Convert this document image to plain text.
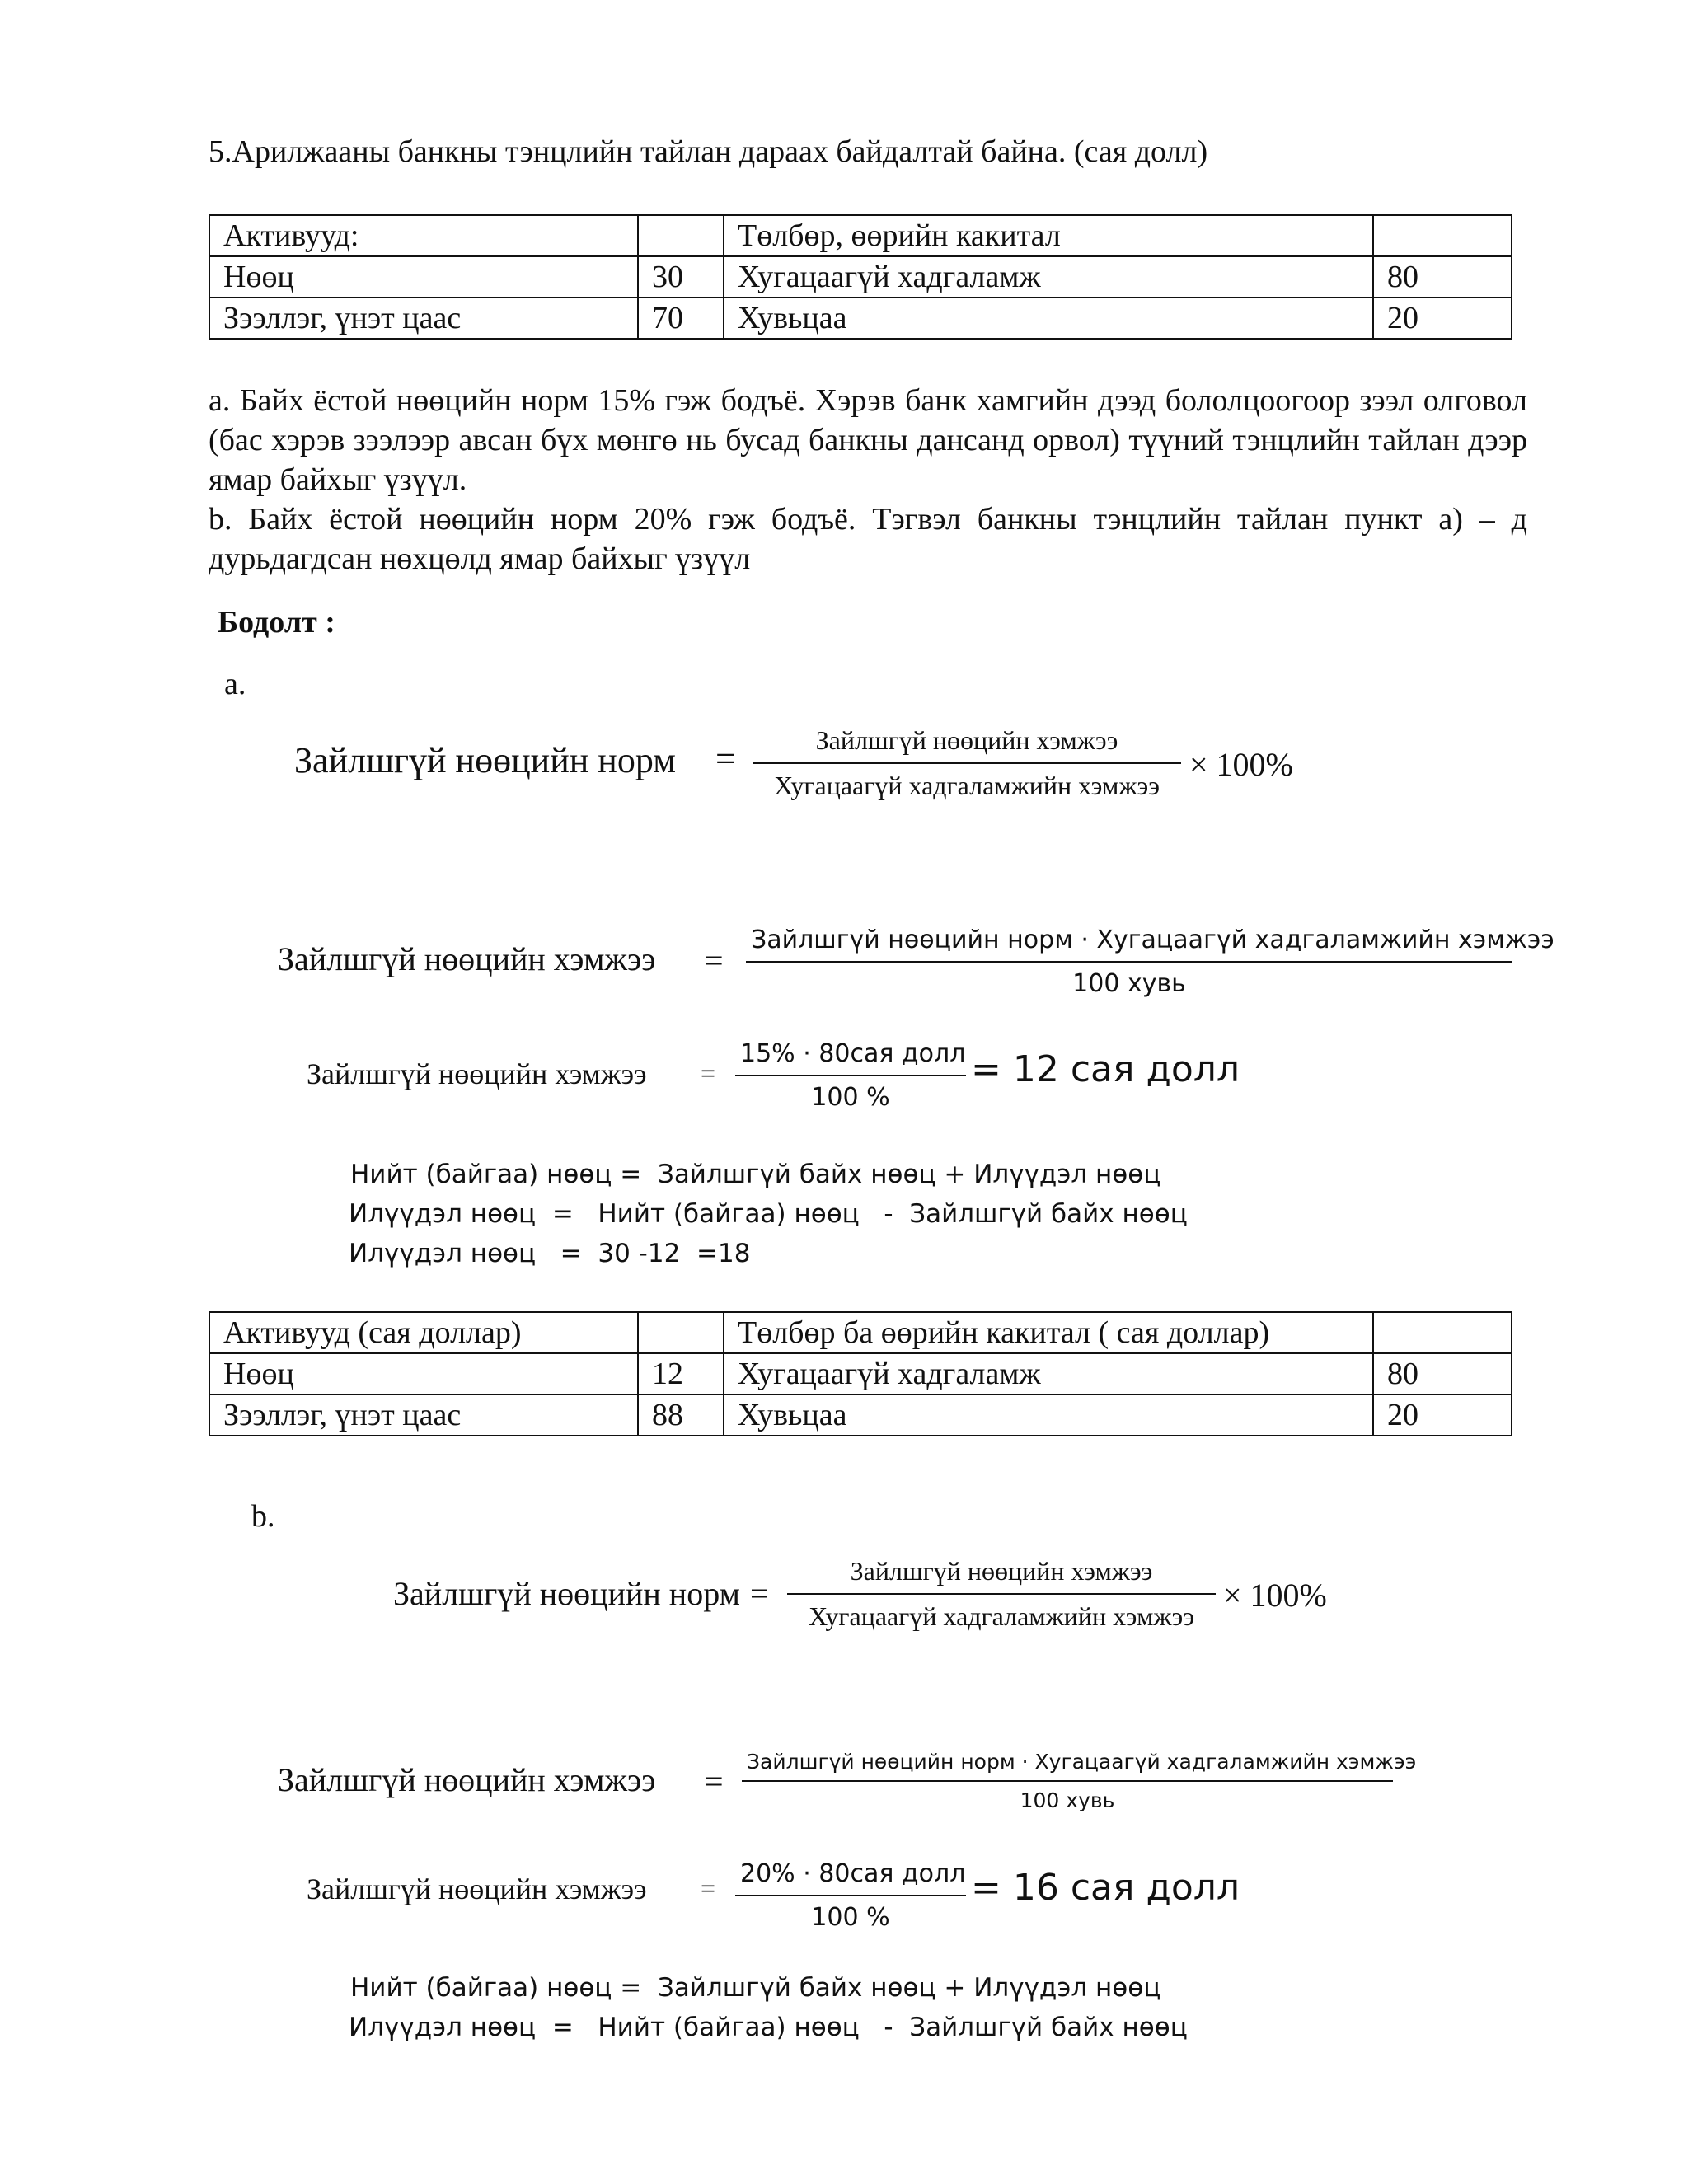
5.Арилжааны банкны тэнцлийн тайлан дараах байдалтай байна. (сая долл)
Активууд:		Төлбөр, өөрийн какитал	
Нөөц	30	Хугацаагүй хадгаламж	80
Зээллэг, үнэт цаас	70	Хувьцаа	20

a. Байх ёстой нөөцийн норм 15% гэж бодъё. Хэрэв банк хамгийн дээд бололцоогоор зээл олговол (бас хэрэв зээлээр авсан бүх мөнгө нь бусад банкны дансанд орвол) түүний тэнцлийн тайлан дээр ямар байхыг үзүүл.

b. Байх ёстой нөөцийн норм 20% гэж бодъё. Тэгвэл банкны тэнцлийн тайлан пункт а) – д дурьдагдсан нөхцөлд ямар байхыг үзүүл

Бодолт :
a.
Зайлшгүй нөөцийн норм =	Зайлшгүй нөөцийн хэмжээ
Хугацаагүй хадгаламжийн хэмжээ
× 100%
Зайлшгүй нөөцийн хэмжээ =
Зайлшгүй нөөцийн норм · Хугацаагүй хадгаламжийн хэмжээ
100 хувь
Зайлшгүй нөөцийн хэмжээ =
15% · 80сая долл
100 %
= 12 сая долл
Нийт (байгаа) нөөц =  Зайлшгүй байх нөөц + Илүүдэл нөөц
Илүүдэл нөөц  =   Нийт (байгаа) нөөц   -  Зайлшгүй байх нөөц
Илүүдэл нөөц   =  30 -12  =18
Активууд (сая доллар)		Төлбөр ба өөрийн какитал ( сая доллар)	
Нөөц	12	Хугацаагүй хадгаламж	80
Зээллэг, үнэт цаас	88	Хувьцаа	20
b.
Зайлшгүй нөөцийн норм =
Зайлшгүй нөөцийн хэмжээ
Хугацаагүй хадгаламжийн хэмжээ
× 100%
Зайлшгүй нөөцийн хэмжээ =
Зайлшгүй нөөцийн норм · Хугацаагүй хадгаламжийн хэмжээ
100 хувь
Зайлшгүй нөөцийн хэмжээ = 20% · 80сая долл
100 %
= 16 сая долл
Нийт (байгаа) нөөц =  Зайлшгүй байх нөөц + Илүүдэл нөөц
Илүүдэл нөөц  =   Нийт (байгаа) нөөц   -  Зайлшгүй байх нөөц
